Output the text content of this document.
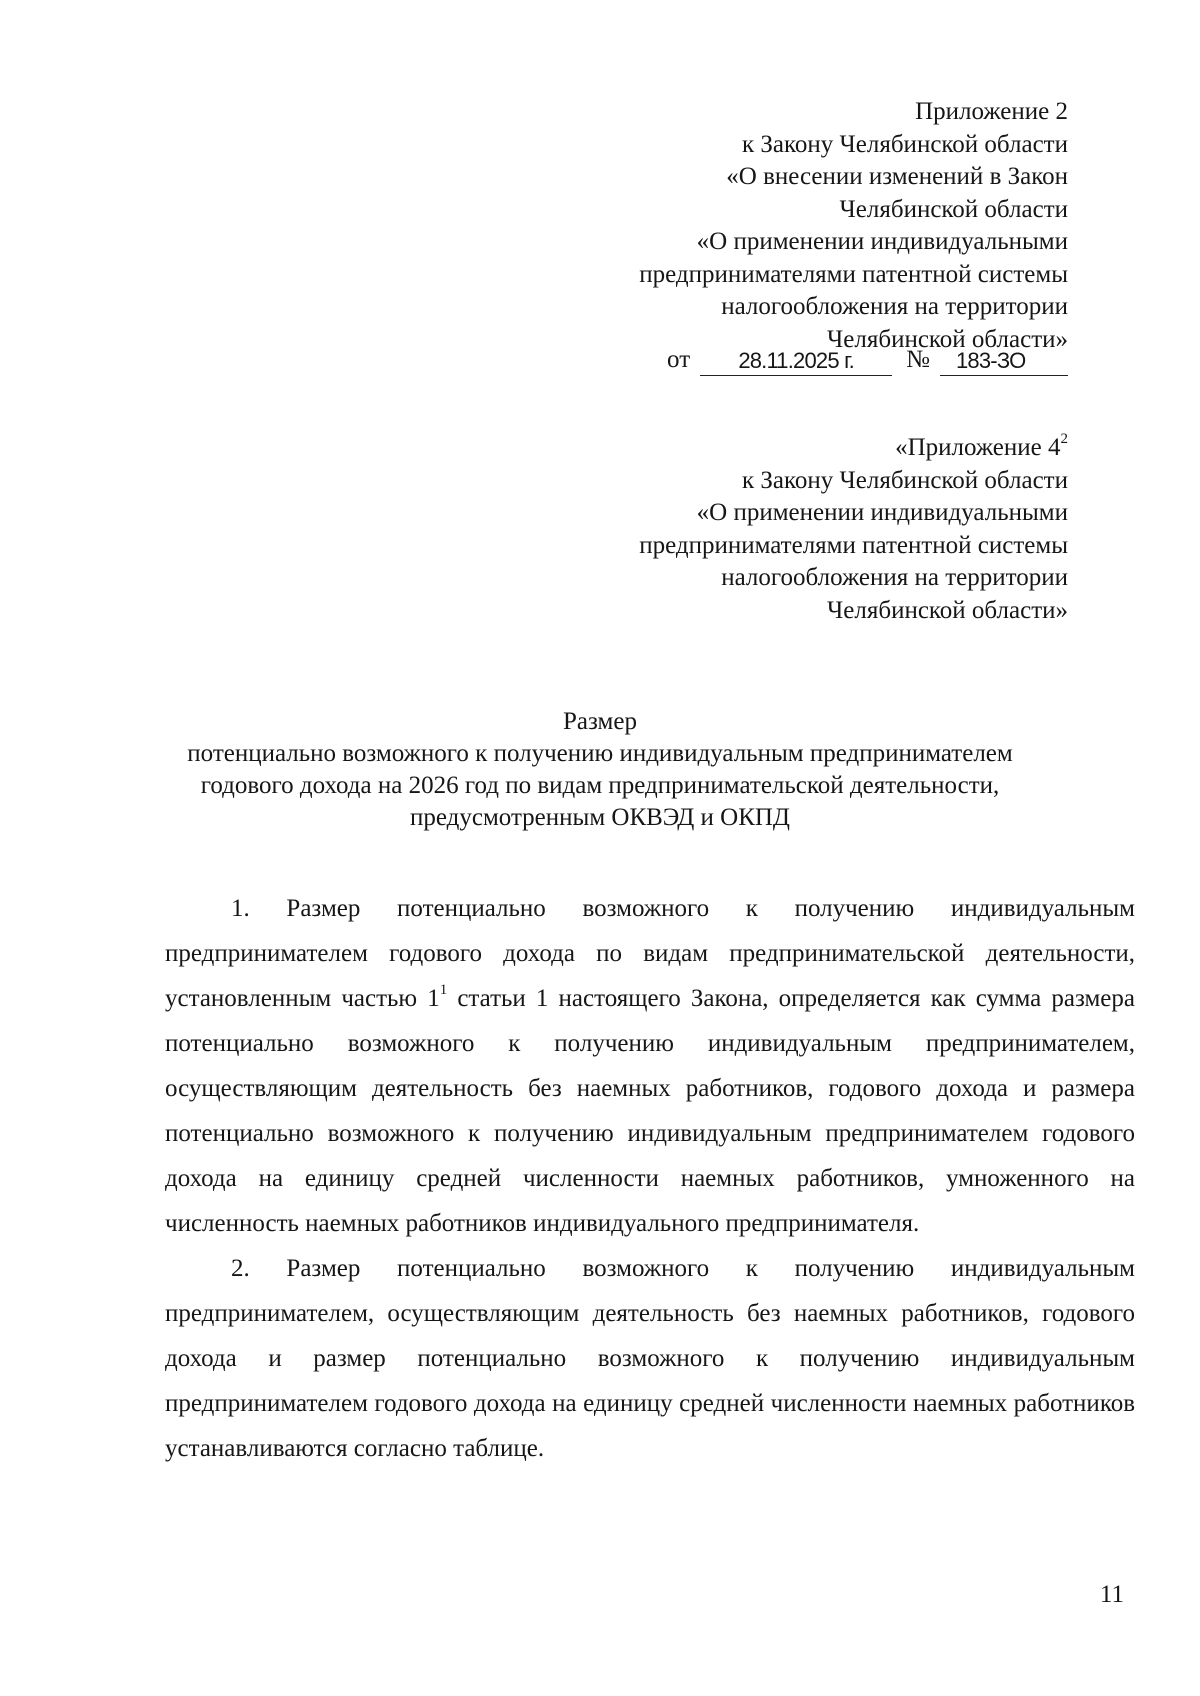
Приложение 2
к Закону Челябинской области
«О внесении изменений в Закон
Челябинской области
«О применении индивидуальными
предпринимателями патентной системы
налогообложения на территории
Челябинской области»
от	28.11.2025 г.	№	183-ЗО
«Приложение $4^2$
к Закону Челябинской области
«О применении индивидуальными
предпринимателями патентной системы
налогообложения на территории
Челябинской области»
Размер
потенциально возможного к получению индивидуальным предпринимателем
годового дохода на 2026 год по видам предпринимательской деятельности,
предусмотренным ОКВЭД и ОКПД

1. Размер потенциально возможного к получению индивидуальным предпринимателем годового дохода по видам предпринимательской деятельности, установленным частью $1^1$ статьи 1 настоящего Закона, определяется как сумма размера потенциально возможного к получению индивидуальным предпринимателем, осуществляющим деятельность без наемных работников, годового дохода и размера потенциально возможного к получению индивидуальным предпринимателем годового дохода на единицу средней численности наемных работников, умноженного на численность наемных работников индивидуального предпринимателя.

2. Размер потенциально возможного к получению индивидуальным предпринимателем, осуществляющим деятельность без наемных работников, годового дохода и размер потенциально возможного к получению индивидуальным предпринимателем годового дохода на единицу средней численности наемных работников устанавливаются согласно таблице.

11
